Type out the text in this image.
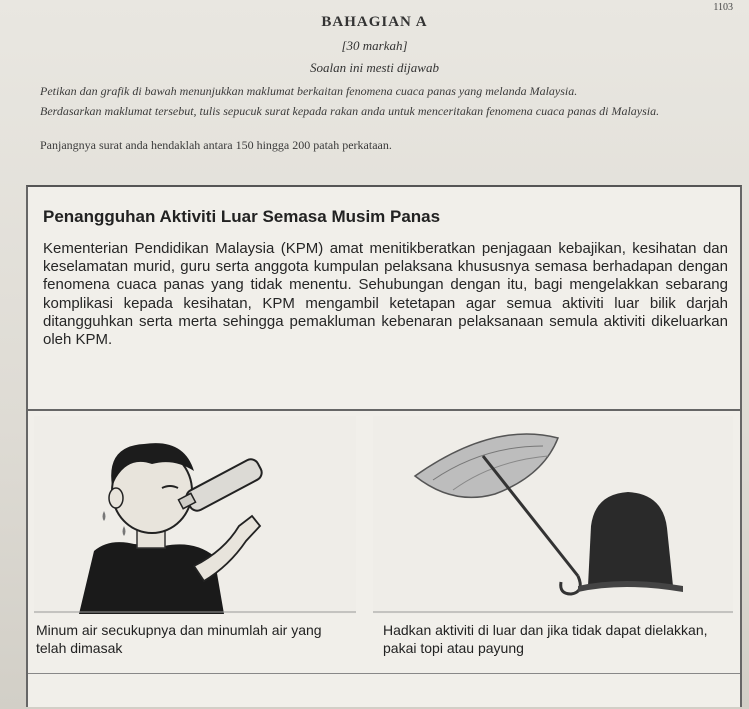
1103
BAHAGIAN A
[30 markah]
Soalan ini mesti dijawab
Petikan dan grafik di bawah menunjukkan maklumat berkaitan fenomena cuaca panas yang melanda Malaysia.
Berdasarkan maklumat tersebut, tulis sepucuk surat kepada rakan anda untuk menceritakan fenomena cuaca panas di Malaysia.
Panjangnya surat anda hendaklah antara 150 hingga 200 patah perkataan.
Penangguhan Aktiviti Luar Semasa Musim Panas
Kementerian Pendidikan Malaysia (KPM) amat menitikberatkan penjagaan kebajikan, kesihatan dan keselamatan murid, guru serta anggota kumpulan pelaksana khususnya semasa berhadapan dengan fenomena cuaca panas yang tidak menentu. Sehubungan dengan itu, bagi mengelakkan sebarang komplikasi kepada kesihatan, KPM mengambil ketetapan agar semua aktiviti luar bilik darjah ditangguhkan serta merta sehingga pemakluman kebenaran pelaksanaan semula aktiviti dikeluarkan oleh KPM.
Minum air secukupnya dan minumlah air yang telah dimasak
Hadkan aktiviti di luar dan jika tidak dapat dielakkan, pakai topi atau payung
